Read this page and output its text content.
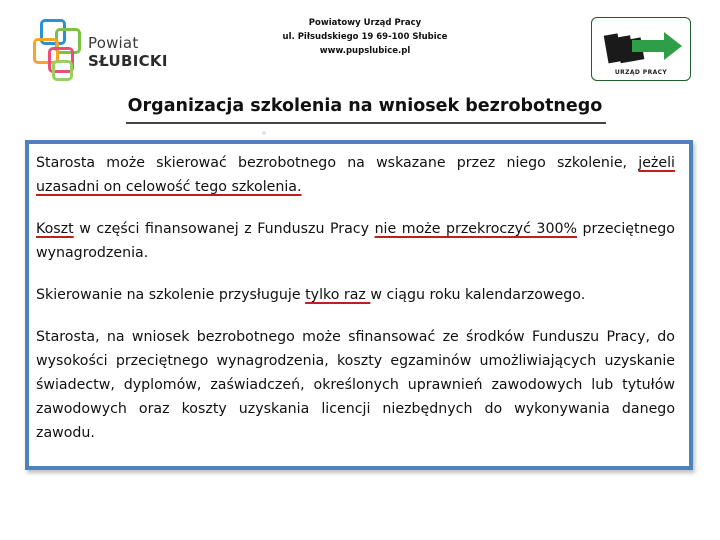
Powiat
SŁUBICKI
Powiatowy Urząd Pracy
ul. Piłsudskiego 19 69-100 Słubice
www.pupslubice.pl
URZĄD PRACY
Organizacja szkolenia na wniosek bezrobotnego

Starosta może skierować bezrobotnego na wskazane przez niego szkolenie, jeżeli uzasadni on celowość tego szkolenia.

Koszt w części finansowanej z Funduszu Pracy nie może przekroczyć 300% przeciętnego wynagrodzenia.

Skierowanie na szkolenie przysługuje tylko raz w ciągu roku kalendarzowego.

Starosta, na wniosek bezrobotnego może sfinansować ze środków Funduszu Pracy, do wysokości przeciętnego wynagrodzenia, koszty egzaminów umożliwiających uzyskanie świadectw, dyplomów, zaświadczeń, określonych uprawnień zawodowych lub tytułów zawodowych oraz koszty uzyskania licencji niezbędnych do wykonywania danego zawodu.
